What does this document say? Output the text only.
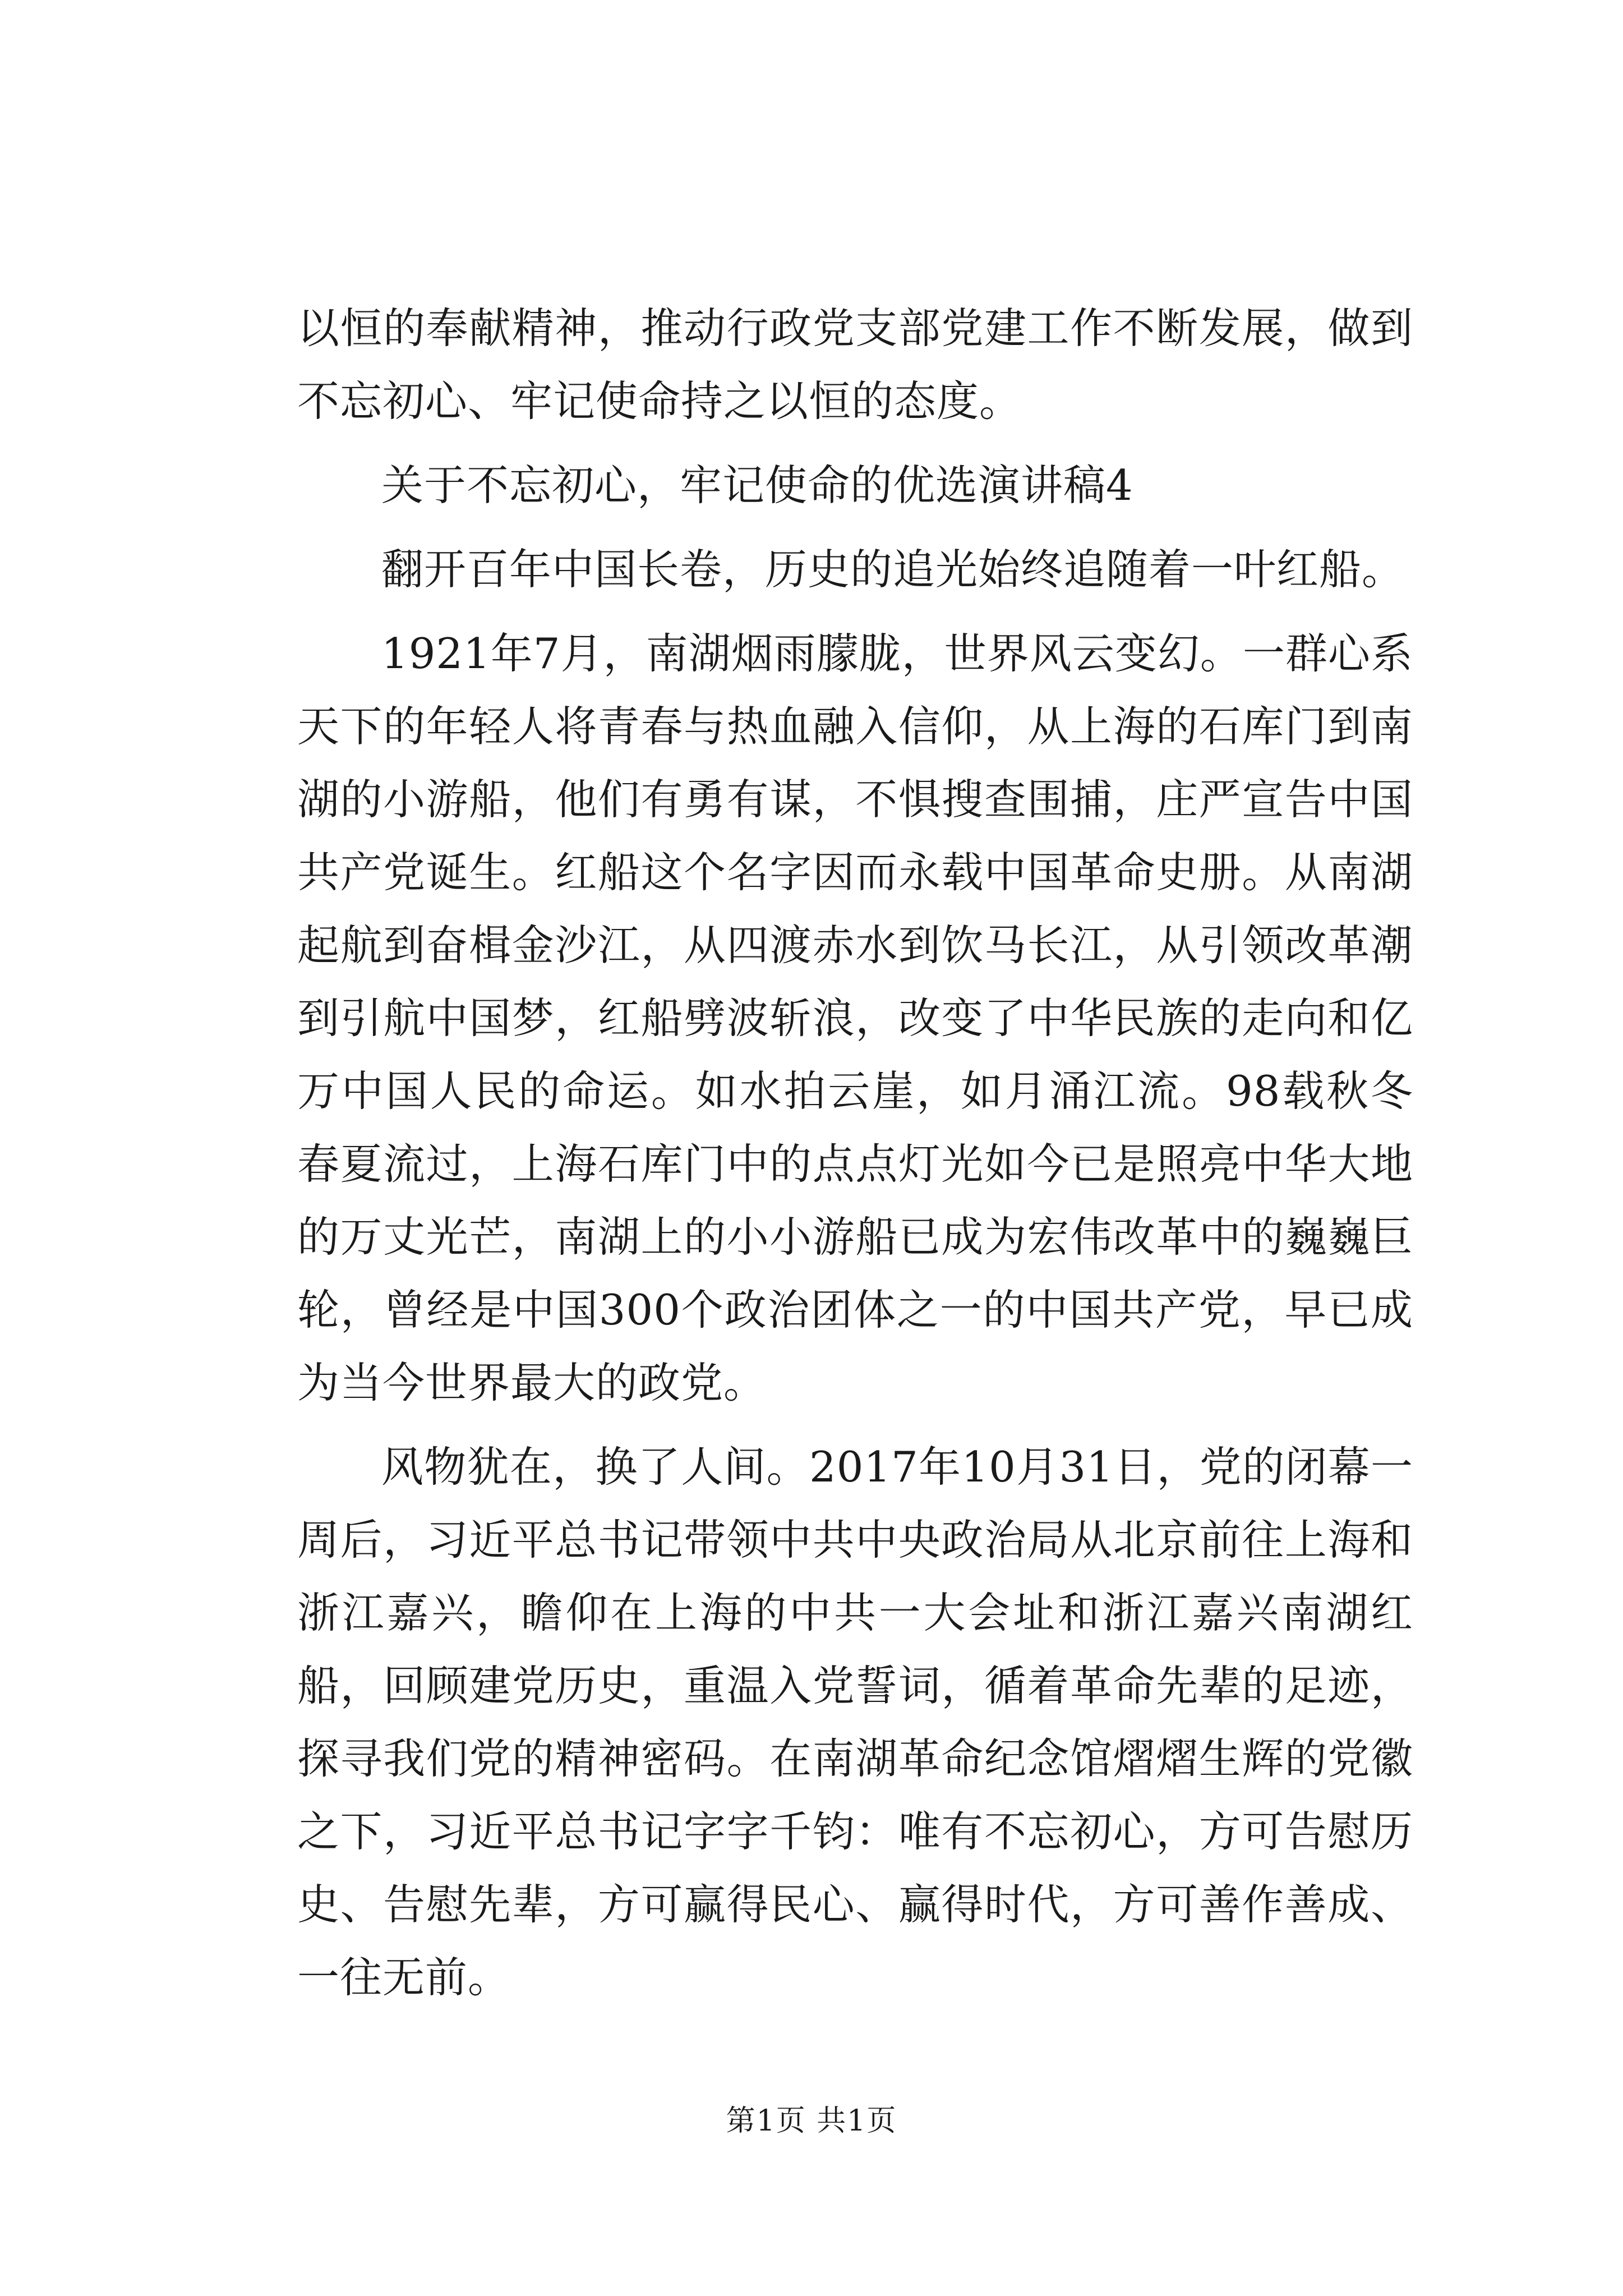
以恒的奉献精神，推动行政党支部党建工作不断发展，做到不忘初心、牢记使命持之以恒的态度。

关于不忘初心，牢记使命的优选演讲稿4

翻开百年中国长卷，历史的追光始终追随着一叶红船。

1921年7月，南湖烟雨朦胧，世界风云变幻。一群心系天下的年轻人将青春与热血融入信仰，从上海的石库门到南湖的小游船，他们有勇有谋，不惧搜查围捕，庄严宣告中国共产党诞生。红船这个名字因而永载中国革命史册。从南湖起航到奋楫金沙江，从四渡赤水到饮马长江，从引领改革潮到引航中国梦，红船劈波斩浪，改变了中华民族的走向和亿万中国人民的命运。如水拍云崖，如月涌江流。98载秋冬春夏流过，上海石库门中的点点灯光如今已是照亮中华大地的万丈光芒，南湖上的小小游船已成为宏伟改革中的巍巍巨轮，曾经是中国300个政治团体之一的中国共产党，早已成为当今世界最大的政党。

风物犹在，换了人间。2017年10月31日，党的闭幕一周后，习近平总书记带领中共中央政治局从北京前往上海和浙江嘉兴，瞻仰在上海的中共一大会址和浙江嘉兴南湖红船，回顾建党历史，重温入党誓词，循着革命先辈的足迹，探寻我们党的精神密码。在南湖革命纪念馆熠熠生辉的党徽之下，习近平总书记字字千钧：唯有不忘初心，方可告慰历史、告慰先辈，方可赢得民心、赢得时代，方可善作善成、一往无前。

第1页 共1页
